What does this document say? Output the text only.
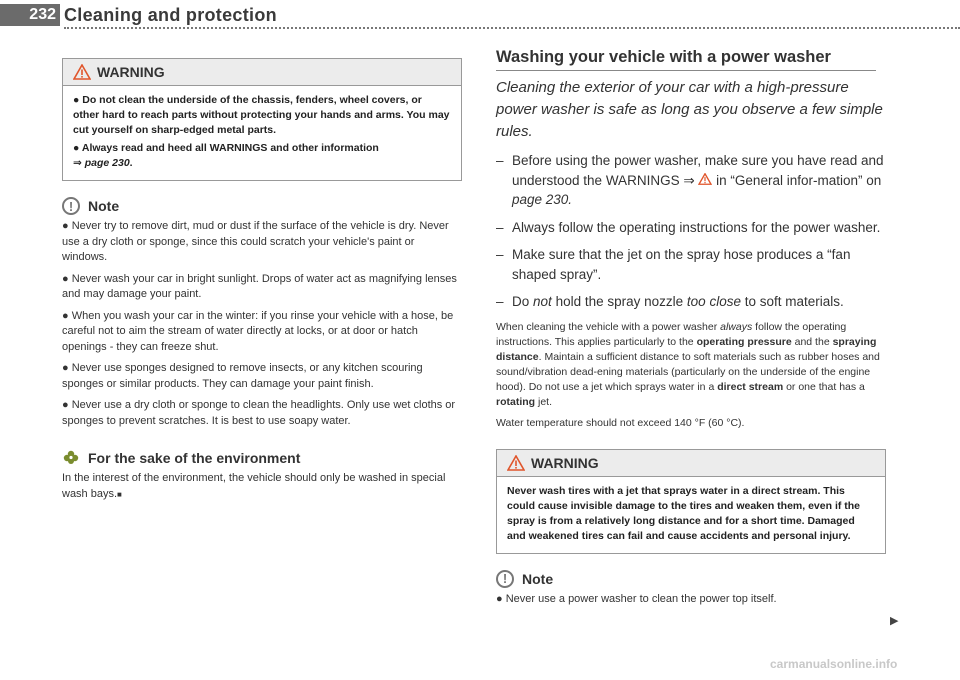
232 Cleaning and protection
WARNING

● Do not clean the underside of the chassis, fenders, wheel covers, or other hard to reach parts without protecting your hands and arms. You may cut yourself on sharp-edged metal parts.

● Always read and heed all WARNINGS and other information
⇒ page 230.

!	Note

● Never try to remove dirt, mud or dust if the surface of the vehicle is dry. Never use a dry cloth or sponge, since this could scratch your vehicle's paint or windows.

● Never wash your car in bright sunlight. Drops of water act as magnifying lenses and may damage your paint.

● When you wash your car in the winter: if you rinse your vehicle with a hose, be careful not to aim the stream of water directly at locks, or at door or hatch openings - they can freeze shut.

● Never use sponges designed to remove insects, or any kitchen scouring sponges or similar products. They can damage your paint finish.

● Never use a dry cloth or sponge to clean the headlights. Only use wet cloths or sponges to prevent scratches. It is best to use soapy water.

For the sake of the environment
In the interest of the environment, the vehicle should only be washed in special wash bays.■
Washing your vehicle with a power washer
Cleaning the exterior of your car with a high-pressure power washer is safe as long as you observe a few simple rules.
– Before using the power washer, make sure you have read and understood the WARNINGS ⇒  in “General infor-mation” on page 230.
– Always follow the operating instructions for the power washer.
– Make sure that the jet on the spray hose produces a “fan shaped spray”.
– Do not hold the spray nozzle too close to soft materials.

When cleaning the vehicle with a power washer always follow the operating instructions. This applies particularly to the operating pressure and the spraying distance. Maintain a sufficient distance to soft materials such as rubber hoses and sound/vibration dead-ening materials (particularly on the underside of the engine hood). Do not use a jet which sprays water in a direct stream or one that has a rotating jet.

Water temperature should not exceed 140 °F (60 °C).

WARNING

Never wash tires with a jet that sprays water in a direct stream. This could cause invisible damage to the tires and weaken them, even if the spray is from a relatively long distance and for a short time. Damaged and weakened tires can fail and cause accidents and personal injury.

!	Note

● Never use a power washer to clean the power top itself.

▶
carmanualsonline.info
